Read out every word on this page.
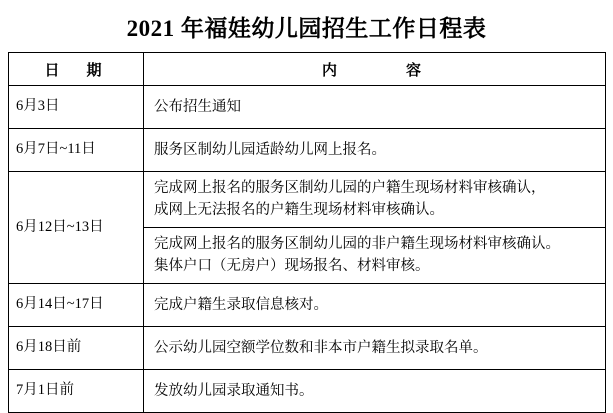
2021 年福娃幼儿园招生工作日程表
日　期	内　　　容
6月3日	公布招生通知

6月7日~11日	服务区制幼儿园适龄幼儿网上报名。

6月12日~13日	完成网上报名的服务区制幼儿园的户籍生现场材料审核确认，
成网上无法报名的户籍生现场材料审核确认。

	完成网上报名的服务区制幼儿园的非户籍生现场材料审核确认。
集体户口（无房户）现场报名、材料审核。

6月14日~17日	完成户籍生录取信息核对。

6月18日前	公示幼儿园空额学位数和非本市户籍生拟录取名单。

7月1日前	发放幼儿园录取通知书。
